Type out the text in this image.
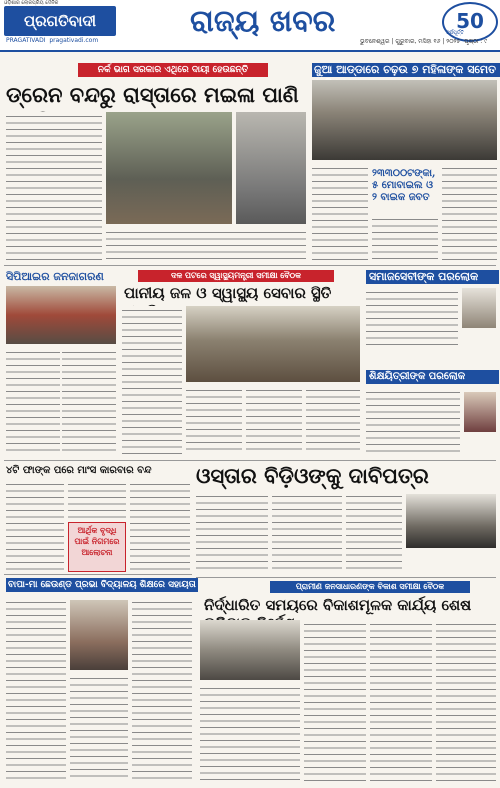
ଓଡ଼ିଶାର ଲୋକପ୍ରିୟ ଦୈନିକ
ପ୍ରଗତିବାଦୀ
PRAGATIVADI pragativadi.com
ରାଜ୍ୟ ଖବର	50
ବର୍ଷପୂର୍ତ୍ତି
ଭୁବନେଶ୍ୱର | ଗୁରୁବାର, ମସିହା ୧୬ | ୨୦୨୫ ପୃଷ୍ଠା : ୯
ନର୍କ ଭାଗ ସରକାର ଏଥିରେ ଦାୟୀ ହେଉଛନ୍ତି
ଡ୍ରେନ ବନ୍ଦରୁ ରାସ୍ତାରେ ମଇଳା ପାଣି
ଜୁଆ ଆଡ୍ଡାରେ ଚଢ଼ଉ ୭ ମହିଳାଙ୍କ ସମେତ
୨୩୩୦୦ଟଙ୍କା, ୫ ମୋବାଇଲ ଓ ୨ ବାଇକ ଜବତ
ସିପିଆଇର ଜନଜାଗରଣ	ଦଳ ପଟରେ ସ୍ୱାସ୍ଥ୍ୟମନ୍ତ୍ରୀ ସମୀକ୍ଷା ବୈଠକ
ପାନୀୟ ଜଳ ଓ ସ୍ୱାସ୍ଥ୍ୟ ସେବାର ସ୍ଥିତି
ସମାଜସେବୀଙ୍କ ପରଲୋକ
ଶିକ୍ଷୟିତ୍ରୀଙ୍କ ପରଲୋକ
୪ଟି ଫାଙ୍କ ପରେ ମାଂସ କାରବାର ବନ୍ଦ
ଆର୍ଥିକ ବୃଦ୍ଧି ପାଇଁ ନିଗମରେ ଆଲୋଚନା
ଓସ୍ତାର ବିଡ଼ିଓଙ୍କୁ ଦାବିପତ୍ର
ପ୍ରାମୀଣ ଜନସାଧାରଣଙ୍କ ବିକାଶ ସମୀକ୍ଷା ବୈଠକ
ନିର୍ଦ୍ଧାରିତ ସମୟରେ ବିକାଶମୂଳକ କାର୍ଯ୍ୟ ଶେଷ
ବାପା-ମା ଛେଉଣ୍ଡ ପ୍ରଭା ବିଦ୍ୟାଳୟ ଶିକ୍ଷରେ ସହାୟତା
